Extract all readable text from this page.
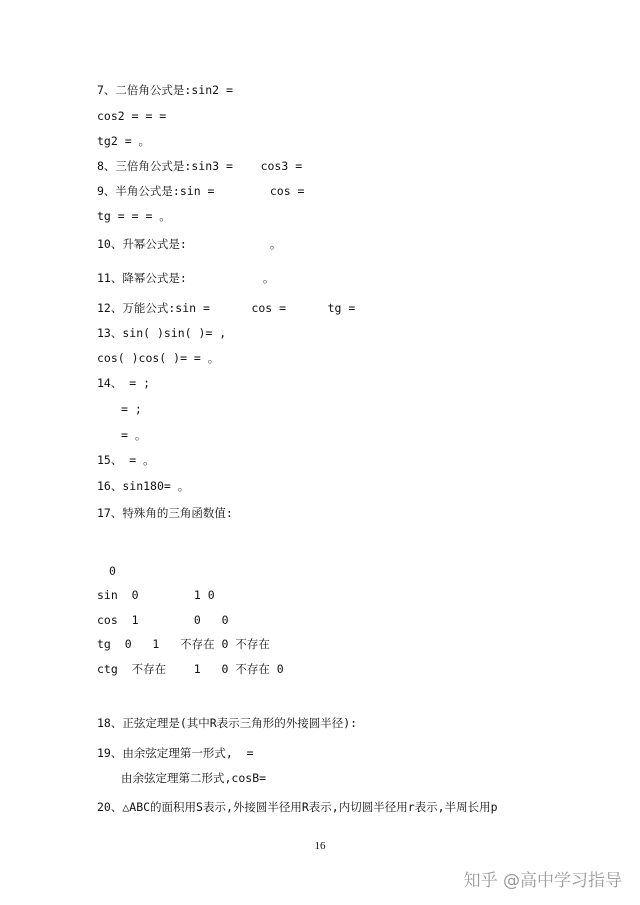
7、二倍角公式是:sin2 =

cos2 = = =

tg2 = 。

8、三倍角公式是:sin3 =    cos3 =

9、半角公式是:sin =        cos =

tg = = = 。

10、升幂公式是:            。

11、降幂公式是:           。

12、万能公式:sin =      cos =      tg =

13、sin( )sin( )= ,

cos( )cos( )= = 。

14、 = ;

= ;

= 。

15、 = 。

16、sin180= 。

17、特殊角的三角函数值:

0

sin  0        1 0

cos  1        0   0

tg  0   1   不存在 0 不存在

ctg  不存在    1   0 不存在 0

18、正弦定理是(其中R表示三角形的外接圆半径):

19、由余弦定理第一形式,  =

由余弦定理第二形式,cosB=

20、△ABC的面积用S表示,外接圆半径用R表示,内切圆半径用r表示,半周长用p

16
知乎 @高中学习指导
